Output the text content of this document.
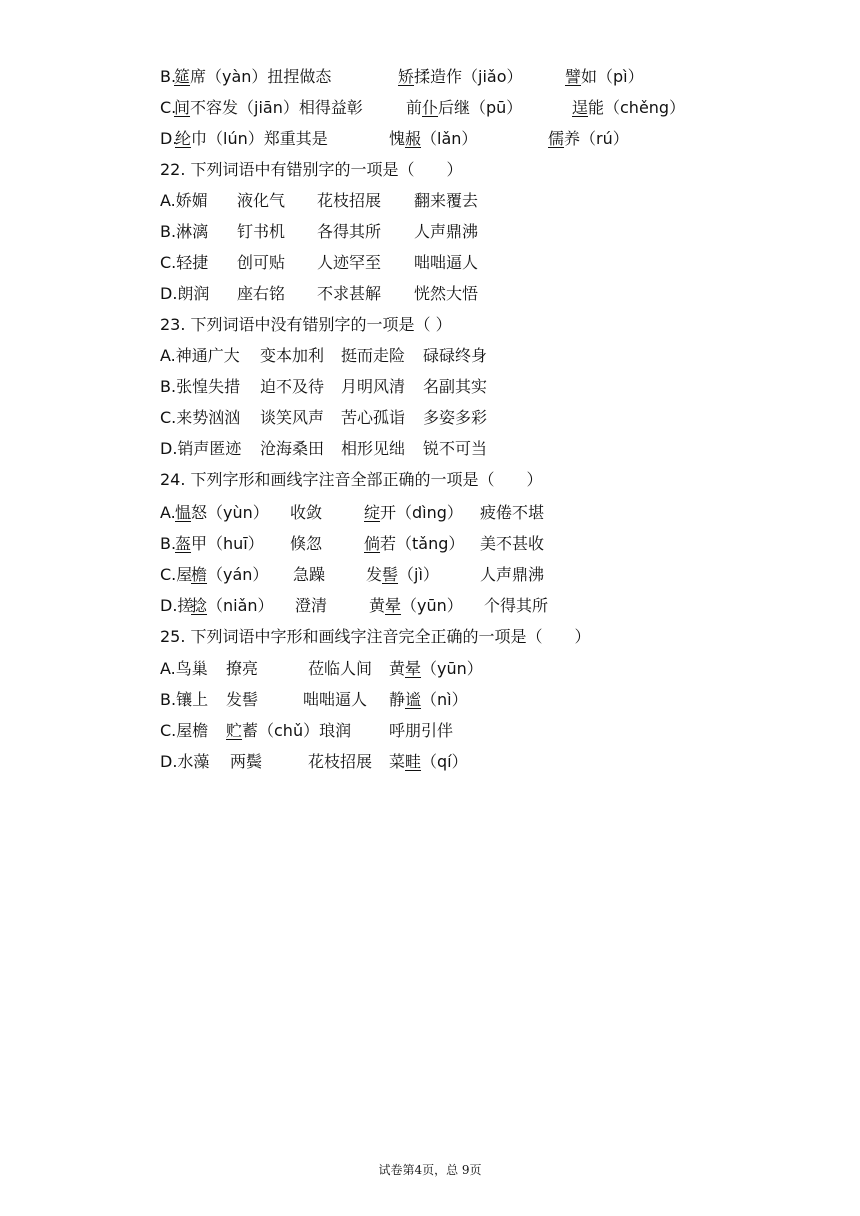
B.
筵 席（yàn）扭捏做态	矫 揉造作（jiǎo）	譬 如（pì）
C.
间 不容发（jiān）相得益彰	前 仆 后继（pū）	逞 能（chěng）
D.
纶 巾（lún）郑重其是	愧 赧 （lǎn）	儒 养（rú）
22. 下列词语中有错别字的一项是（　　）
A.娇媚 液化气 花枝招展 翻来覆去
B.淋漓 钉书机 各得其所 人声鼎沸
C.轻捷 创可贴 人迹罕至 咄咄逼人
D.朗润 座右铭 不求甚解 恍然大悟
23. 下列词语中没有错别字的一项是（ ）
A.神通广大 变本加利 挺而走险 碌碌终身
B.张惶失措 迫不及待 月明风清 名副其实
C.来势汹汹 谈笑风声 苦心孤诣 多姿多彩
D.销声匿迹 沧海桑田 相形见绌 锐不可当
24. 下列字形和画线字注音全部正确的一项是（　　）
A. 愠 怒（yùn） 收敛	绽 开（dìng） 疲倦不堪
B.
盔 甲（huī） 倏忽	倘 若（tǎng） 美不甚收
C.屋
檐 （yán） 急躁	发 髻 （jì）	人声鼎沸
D.搓
捻 （niǎn） 澄清	黄 晕 （yūn） 个得其所
25. 下列词语中字形和画线字注音完全正确的一项是（　　）
A.鸟巢 撩亮	莅临人间 黄 晕 （yūn）
B.镶上 发髻	咄咄逼人 静 谧 （nì）
C.屋檐 贮 蓄（chǔ）琅润 呼朋引伴
D.水藻 两鬓	花枝招展 菜 畦 （qí）
试卷第4页，总 9页
